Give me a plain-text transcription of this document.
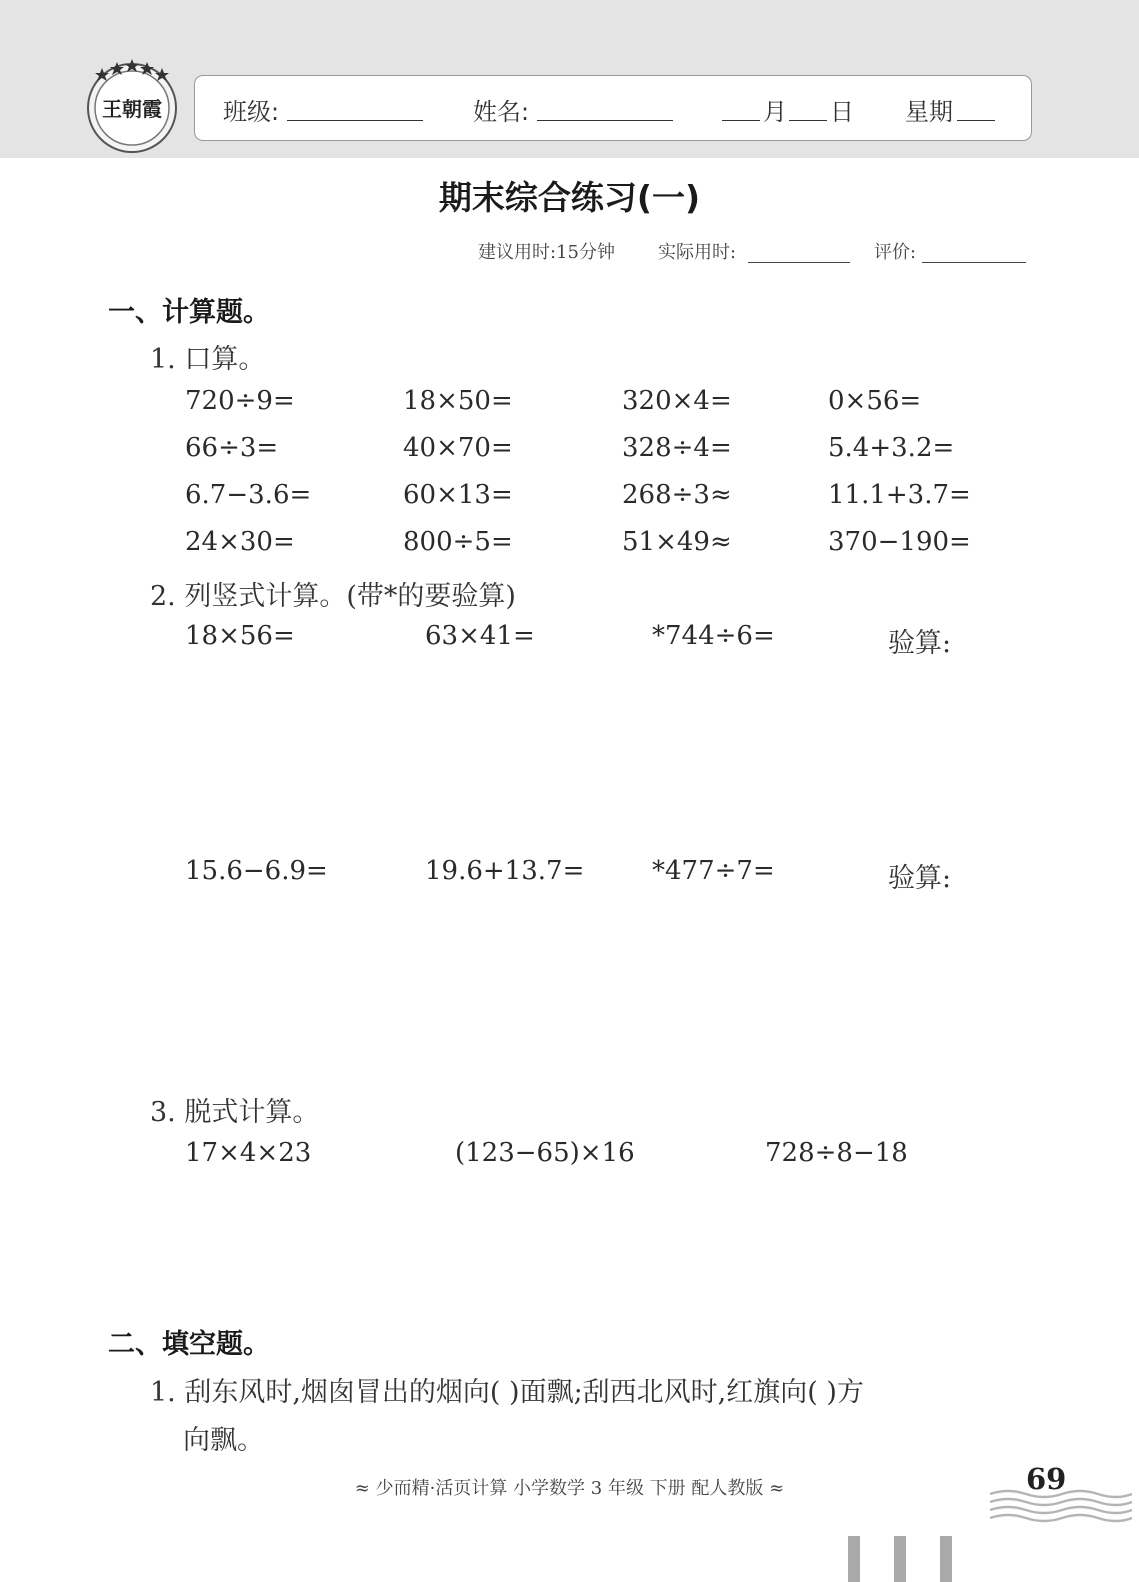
王朝霞	班级:	姓名:	月 日 星期
期末综合练习(一)
建议用时:15分钟 实际用时:	评价:
一、计算题。
1. 口算。
720÷9=	18×50=	320×4=	0×56=
66÷3=	40×70=	328÷4=	5.4+3.2=
6.7−3.6=	60×13=	268÷3≈	11.1+3.7=
24×30=	800÷5=	51×49≈	370−190=
2. 列竖式计算。(带*的要验算)
18×56=	63×41=	*744÷6=	验算:
15.6−6.9=	19.6+13.7=	*477÷7=	验算:
3. 脱式计算。
17×4×23	(123−65)×16	728÷8−18
二、填空题。
1. 刮东风时,烟囱冒出的烟向( )面飘;刮西北风时,红旗向( )方
向飘。
≈ 少而精·活页计算 小学数学 3 年级 下册 配人教版 ≈	69
